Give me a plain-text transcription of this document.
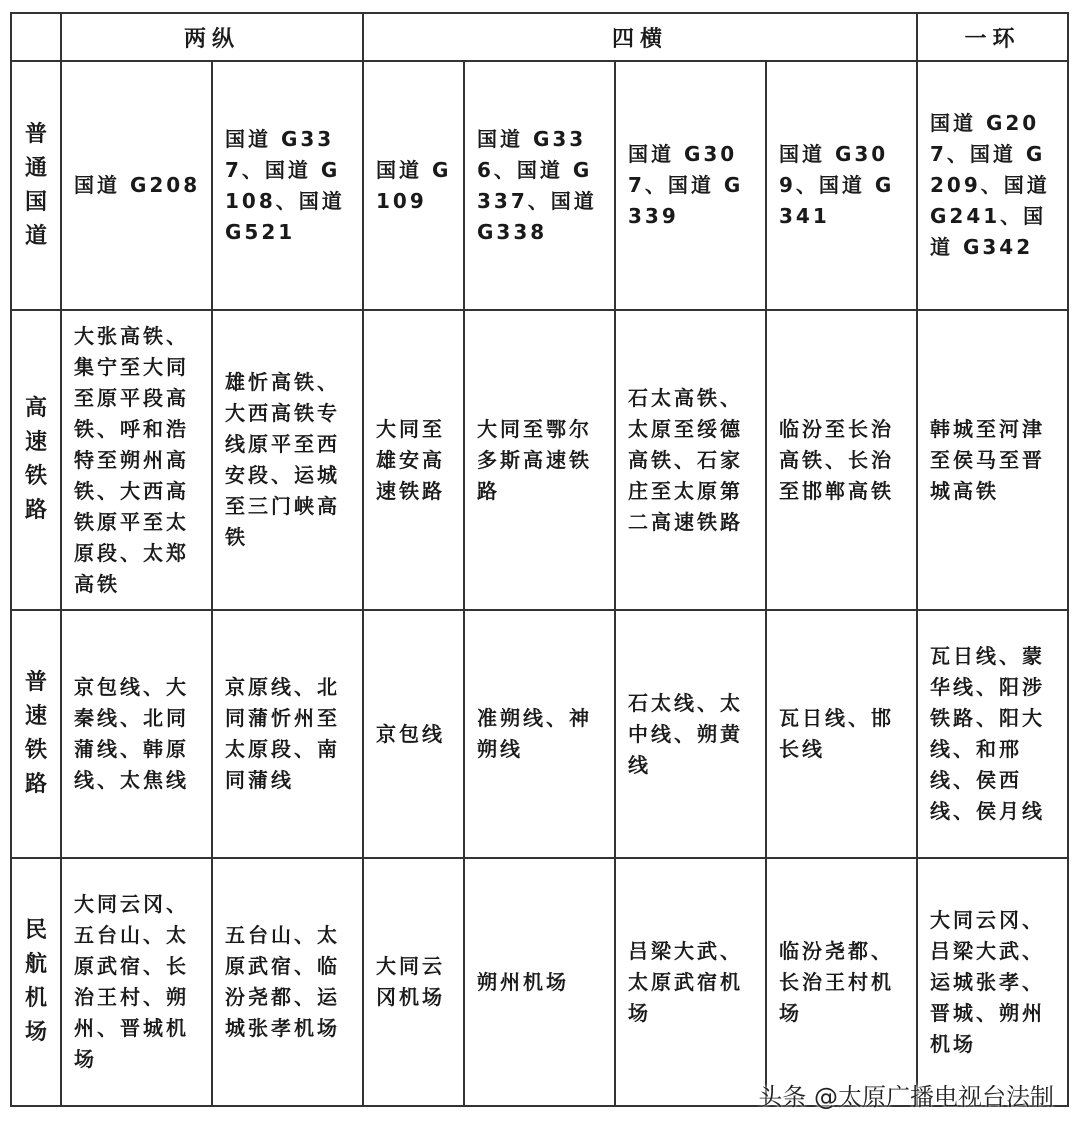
	两纵		四横				一环
普通国道	国道 G208	国道 G337、国道 G108、国道 G521	国道 G109	国道 G336、国道 G337、国道 G338	国道 G307、国道 G339	国道 G309、国道 G341	国道 G207、国道 G209、国道 G241、国道 G342
高速铁路	大张高铁、集宁至大同至原平段高铁、呼和浩特至朔州高铁、大西高铁原平至太原段、太郑高铁	雄忻高铁、大西高铁专线原平至西安段、运城至三门峡高铁	大同至雄安高速铁路	大同至鄂尔多斯高速铁路	石太高铁、太原至绥德高铁、石家庄至太原第二高速铁路	临汾至长治高铁、长治至邯郸高铁	韩城至河津至侯马至晋城高铁
普速铁路	京包线、大秦线、北同蒲线、韩原线、太焦线	京原线、北同蒲忻州至太原段、南同蒲线	京包线	准朔线、神朔线	石太线、太中线、朔黄线	瓦日线、邯长线	瓦日线、蒙华线、阳涉铁路、阳大线、和邢线、侯西线、侯月线
民航机场	大同云冈、五台山、太原武宿、长治王村、朔州、晋城机场	五台山、太原武宿、临汾尧都、运城张孝机场	大同云冈机场	朔州机场	吕梁大武、太原武宿机场	临汾尧都、长治王村机场	大同云冈、吕梁大武、运城张孝、晋城、朔州机场
头条 @太原广播电视台法制
